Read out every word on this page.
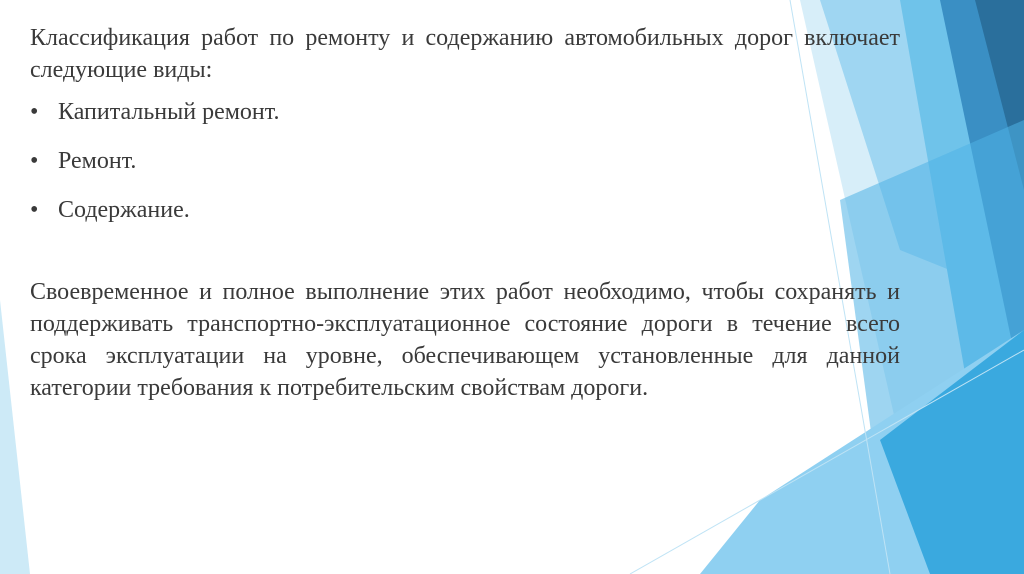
Классификация работ по ремонту и содержанию автомобильных дорог включает следующие виды:

• Капитальный ремонт.
• Ремонт.
• Содержание.

Своевременное и полное выполнение этих работ необходимо, чтобы сохранять и поддерживать транспортно-эксплуатационное состояние дороги в течение всего срока эксплуатации на уровне, обеспечивающем установленные для данной категории требования к потребительским свойствам дороги.
